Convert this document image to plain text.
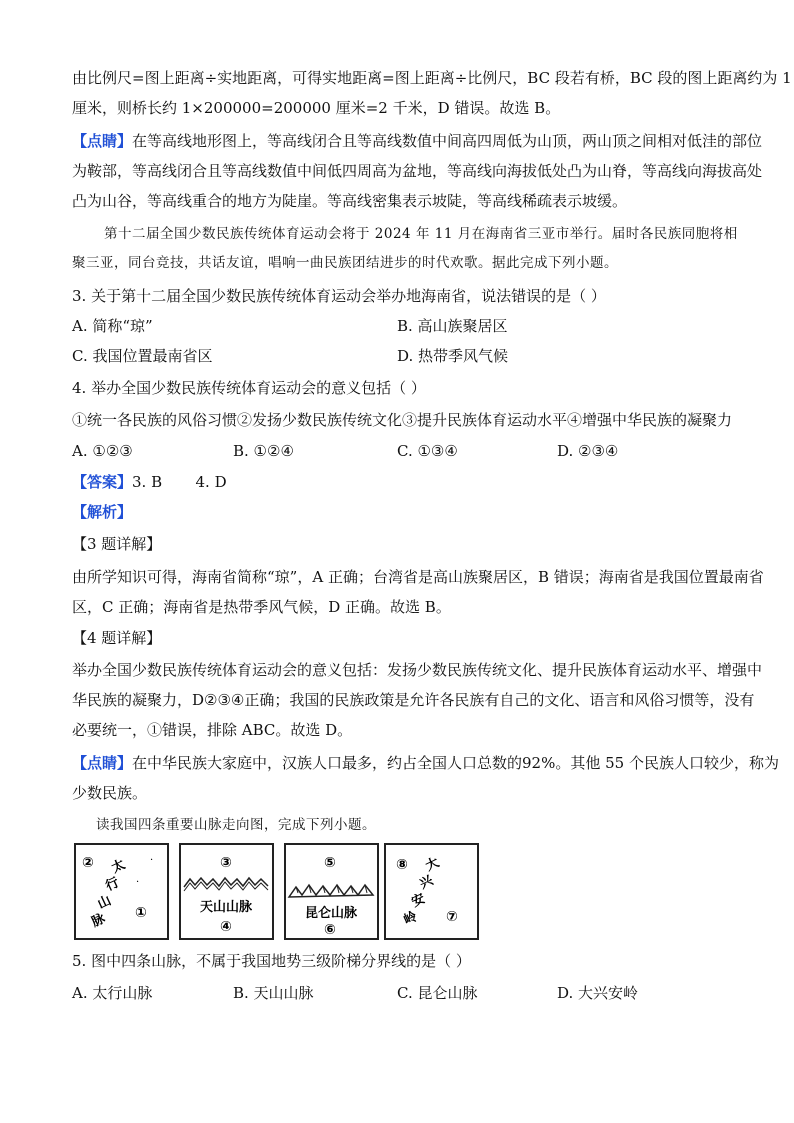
由比例尺=图上距离÷实地距离，可得实地距离=图上距离÷比例尺，BC 段若有桥，BC 段的图上距离约为 1
厘米，则桥长约 1×200000=200000 厘米=2 千米，D 错误。故选 B。
【点睛】在等高线地形图上，等高线闭合且等高线数值中间高四周低为山顶，两山顶之间相对低洼的部位
为鞍部，等高线闭合且等高线数值中间低四周高为盆地，等高线向海拔低处凸为山脊，等高线向海拔高处
凸为山谷，等高线重合的地方为陡崖。等高线密集表示坡陡，等高线稀疏表示坡缓。
第十二届全国少数民族传统体育运动会将于 2024 年 11 月在海南省三亚市举行。届时各民族同胞将相
聚三亚，同台竞技，共话友谊，唱响一曲民族团结进步的时代欢歌。据此完成下列小题。
3. 关于第十二届全国少数民族传统体育运动会举办地海南省，说法错误的是（ ）
A. 简称“琼”	B. 高山族聚居区
C. 我国位置最南省区	D. 热带季风气候
4. 举办全国少数民族传统体育运动会的意义包括（ ）
①统一各民族的风俗习惯②发扬少数民族传统文化③提升民族体育运动水平④增强中华民族的凝聚力
A. ①②③	B. ①②④	C. ①③④	D. ②③④
【答案】3. B       4. D
【解析】
【3 题详解】
由所学知识可得，海南省简称“琼”，A 正确；台湾省是高山族聚居区，B 错误；海南省是我国位置最南省
区，C 正确；海南省是热带季风气候，D 正确。故选 B。
【4 题详解】
举办全国少数民族传统体育运动会的意义包括：发扬少数民族传统文化、提升民族体育运动水平、增强中
华民族的凝聚力，D②③④正确；我国的民族政策是允许各民族有自己的文化、语言和风俗习惯等，没有
必要统一，①错误，排除 ABC。故选 D。
【点睛】在中华民族大家庭中，汉族人口最多，约占全国人口总数的92%。其他 55 个民族人口较少，称为
少数民族。
读我国四条重要山脉走向图，完成下列小题。
②	·
·
太
行
山
脉 ①
③
天山山脉
④
⑤
昆仑山脉
⑥
⑧ 大
兴
安
岭 ⑦
5. 图中四条山脉，不属于我国地势三级阶梯分界线的是（ ）
A. 太行山脉	B. 天山山脉	C. 昆仑山脉	D. 大兴安岭
